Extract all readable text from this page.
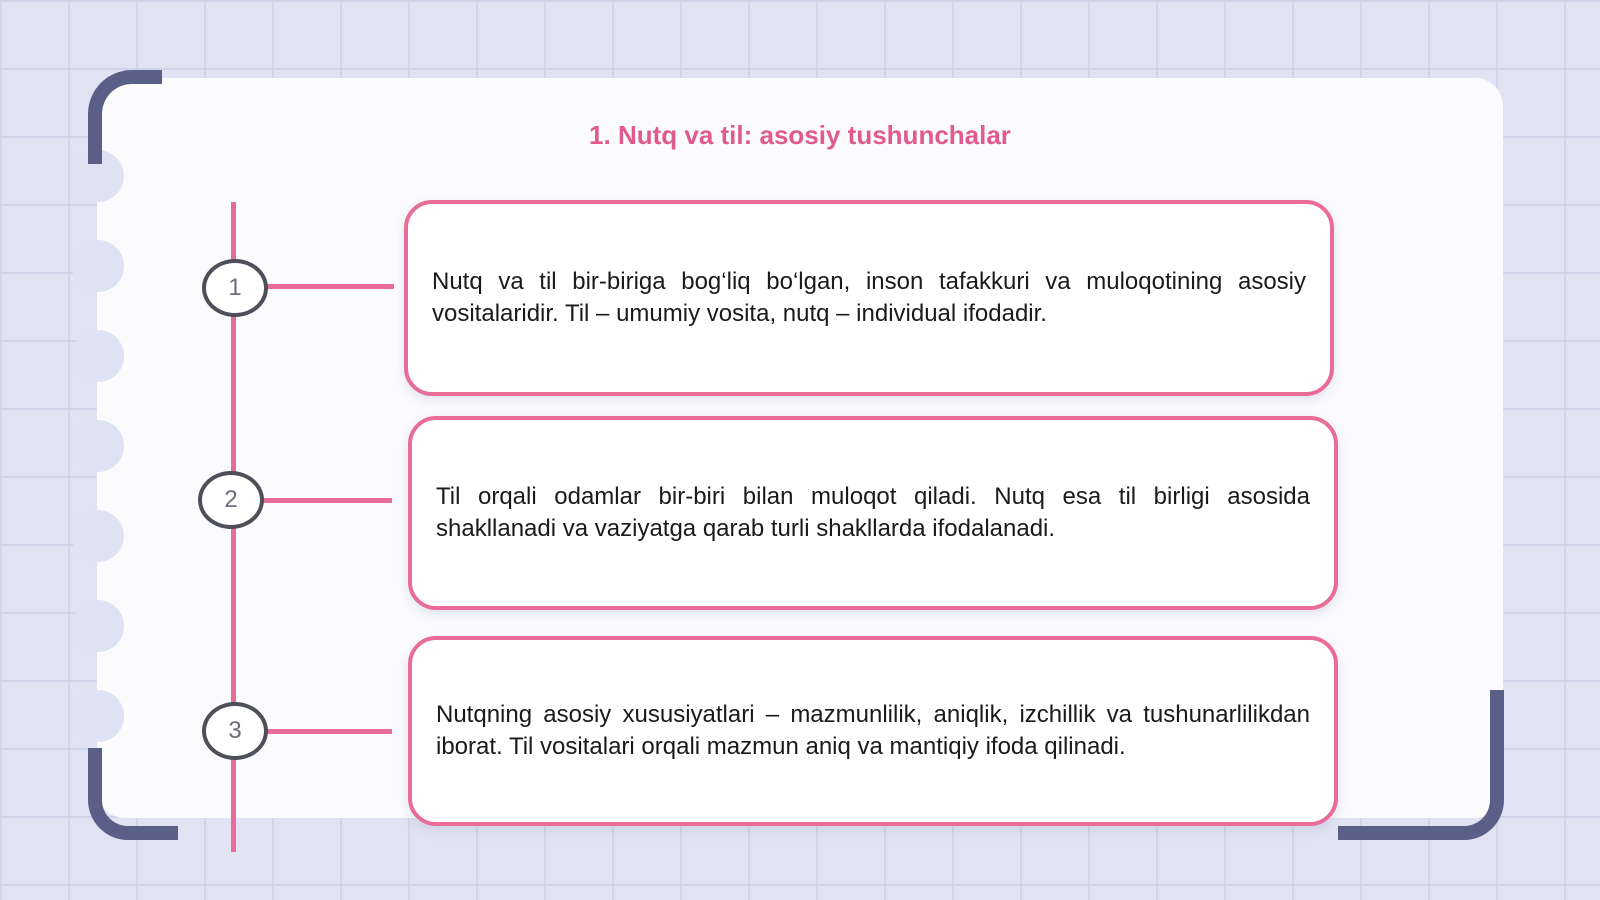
1. Nutq va til: asosiy tushunchalar
1
2
3

Nutq va til bir-biriga bog‘liq bo‘lgan, inson tafakkuri va muloqotining asosiy vositalaridir. Til – umumiy vosita, nutq – individual ifodadir.

Til orqali odamlar bir-biri bilan muloqot qiladi. Nutq esa til birligi asosida shakllanadi va vaziyatga qarab turli shakllarda ifodalanadi.

Nutqning asosiy xususiyatlari – mazmunlilik, aniqlik, izchillik va tushunarlilikdan iborat. Til vositalari orqali mazmun aniq va mantiqiy ifoda qilinadi.
